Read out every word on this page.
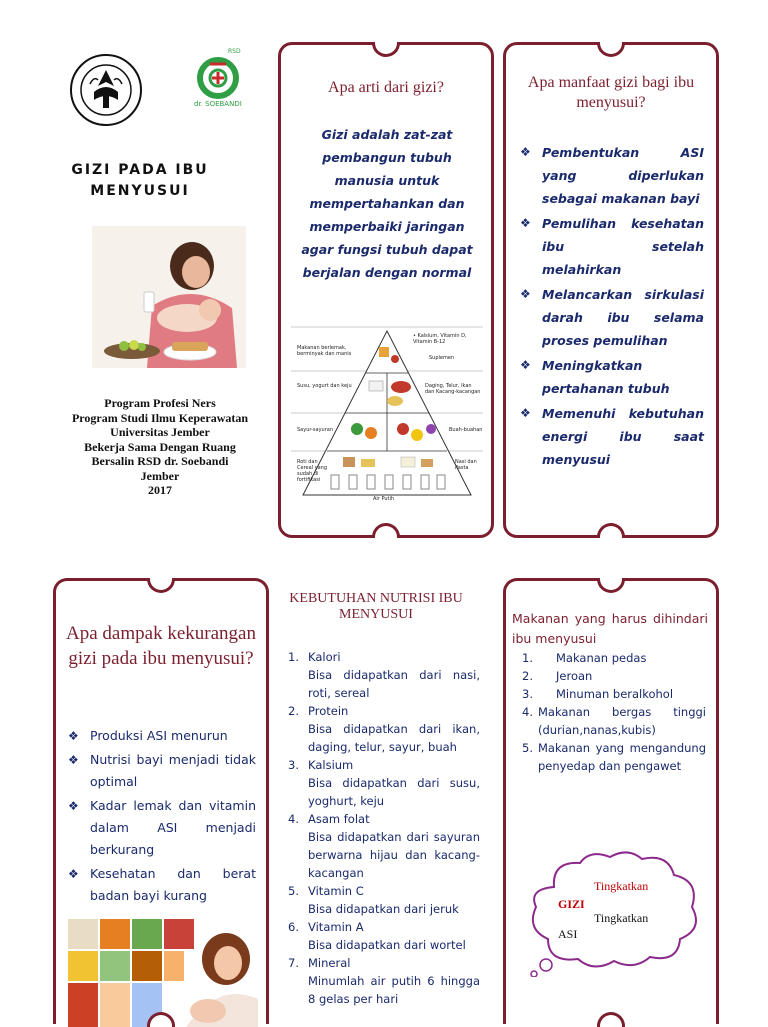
RSD
dr. SOEBANDI
GIZI PADA IBU
MENYUSUI
Program Profesi Ners
Program Studi Ilmu Keperawatan
Universitas Jember
Bekerja Sama Dengan Ruang
Bersalin RSD dr. Soebandi
Jember
2017
Apa arti dari gizi?
Gizi adalah zat-zat pembangun tubuh manusia untuk mempertahankan dan memperbaiki jaringan agar fungsi tubuh dapat berjalan dengan normal
Makanan berlemak, berminyak dan manis
• Kalsium, Vitamin D, Vitamin B-12
Suplemen
Susu, yogurt dan keju	Daging, Telur, Ikan dan Kacang-kacangan
Sayur-sayuran	Buah-buahan
Roti dan Cereal yang sudah di fortifikasi
Nasi dan Pasta
Air Putih
Apa manfaat gizi bagi ibu menyusui?
❖ Pembentukan ASI yang diperlukan sebagai makanan bayi
❖ Pemulihan kesehatan ibu setelah melahirkan
❖ Melancarkan sirkulasi darah ibu selama proses pemulihan
❖ Meningkatkan pertahanan tubuh
❖ Memenuhi kebutuhan energi ibu saat menyusui
Apa dampak kekurangan gizi pada ibu menyusui?
❖ Produksi ASI menurun
❖ Nutrisi bayi menjadi tidak optimal
❖ Kadar lemak dan vitamin dalam ASI menjadi berkurang
❖ Kesehatan dan berat badan bayi kurang
KEBUTUHAN NUTRISI IBU MENYUSUI
1. Kalori
Bisa didapatkan dari nasi, roti, sereal
2. Protein
Bisa didapatkan dari ikan, daging, telur, sayur, buah
3. Kalsium
Bisa didapatkan dari susu, yoghurt, keju
4. Asam folat
Bisa didapatkan dari sayuran berwarna hijau dan kacang-kacangan
5. Vitamin C
Bisa didapatkan dari jeruk
6. Vitamin A
Bisa didapatkan dari wortel
7. Mineral
Minumlah air putih 6 hingga 8 gelas per hari
Makanan yang harus dihindari ibu menyusui
1. Makanan pedas
2. Jeroan
3. Minuman beralkohol
4. Makanan bergas tinggi (durian,nanas,kubis)
5. Makanan yang mengandung penyedap dan pengawet
Tingkatkan
GIZI
Tingkatkan
ASI
